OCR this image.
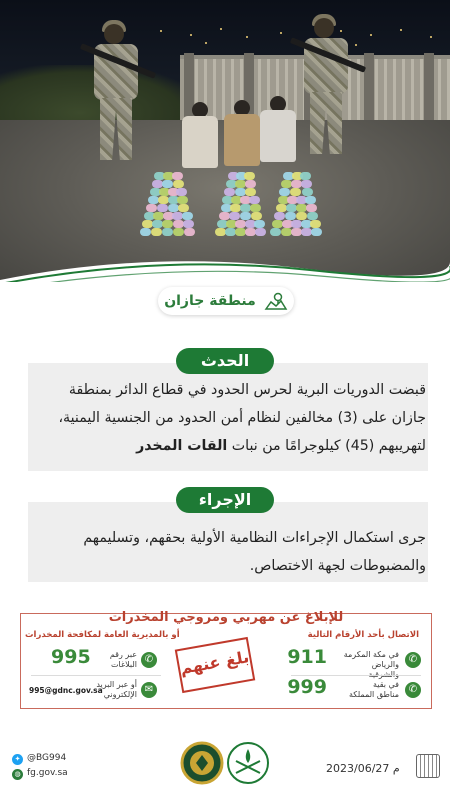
منطقة جازان
الحدث
قبضت الدوريات البرية لحرس الحدود في قطاع الدائر بمنطقة
جازان على (3) مخالفين لنظام أمن الحدود من الجنسية اليمنية،
لتهريبهم (45) كيلوجرامًا من نبات القات المخدر
الإجراء
جرى استكمال الإجراءات النظامية الأولية بحقهم، وتسليمهم
والمضبوطات لجهة الاختصاص.
للإبلاغ عن مهربي ومروجي المخدرات
الاتصال بأحد الأرقام التالية
أو بالمديرية العامة لمكافحة المخدرات
✆
في مكة المكرمة
والرياض
911
✆
في بقية
مناطق المملكة
999
✆
عبر رقم
البلاغات
995
✉
أو عبر البريد
الإلكتروني
995@gdnc.gov.sa
بلغ عنهم
✦ @BG994
◍ fg.gov.sa	2023/06/27 م
